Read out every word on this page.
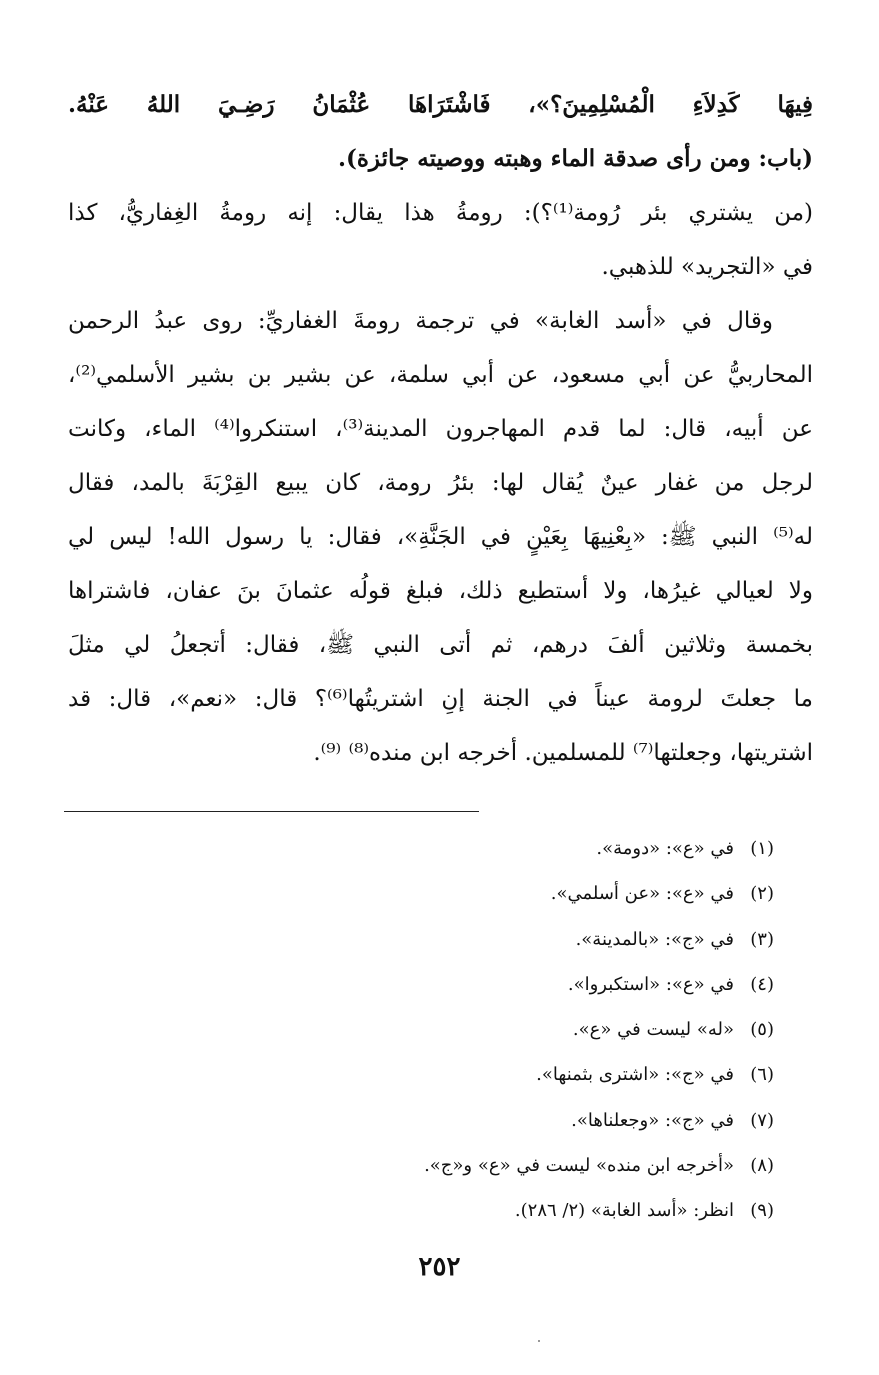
فِيهَا كَدِلاَءِ الْمُسْلِمِينَ؟»، فَاشْتَرَاهَا عُثْمَانُ رَضِـيَ اللهُ عَنْهُ.
(باب: ومن رأى صدقة الماء وهبته ووصيته جائزة).
(من يشتري بئر رُومة⁽¹⁾؟): رومةُ هذا يقال: إنه رومةُ الغِفاريُّ، كذا
في «التجريد» للذهبي.
وقال في «أسد الغابة» في ترجمة رومةَ الغفاريِّ: روى عبدُ الرحمن
المحاربيُّ عن أبي مسعود، عن أبي سلمة، عن بشير بن بشير الأسلمي⁽²⁾،
عن أبيه، قال: لما قدم المهاجرون المدينة⁽³⁾، استنكروا⁽⁴⁾ الماء، وكانت
لرجل من غفار عينٌ يُقال لها: بئرُ رومة، كان يبيع القِرْبَةَ بالمد، فقال
له⁽⁵⁾ النبي ﷺ: «بِعْنِيهَا بِعَيْنٍ في الجَنَّةِ»، فقال: يا رسول الله! ليس لي
ولا لعيالي غيرُها، ولا أستطيع ذلك، فبلغ قولُه عثمانَ بنَ عفان، فاشتراها
بخمسة وثلاثين ألفَ درهم، ثم أتى النبي ﷺ، فقال: أتجعلُ لي مثلَ
ما جعلتَ لرومة عيناً في الجنة إنِ اشتريتُها⁽⁶⁾؟ قال: «نعم»، قال: قد
اشتريتها، وجعلتها⁽⁷⁾ للمسلمين. أخرجه ابن منده⁽⁸⁾ ⁽⁹⁾.
(١)في «ع»: «دومة».
(٢)في «ع»: «عن أسلمي».
(٣)في «ج»: «بالمدينة».
(٤)في «ع»: «استكبروا».
(٥)«له» ليست في «ع».
(٦)في «ج»: «اشترى بثمنها».
(٧)في «ج»: «وجعلناها».
(٨)«أخرجه ابن منده» ليست في «ع» و«ج».
(٩)انظر: «أسد الغابة» (٢/ ٢٨٦).
٢٥٢
